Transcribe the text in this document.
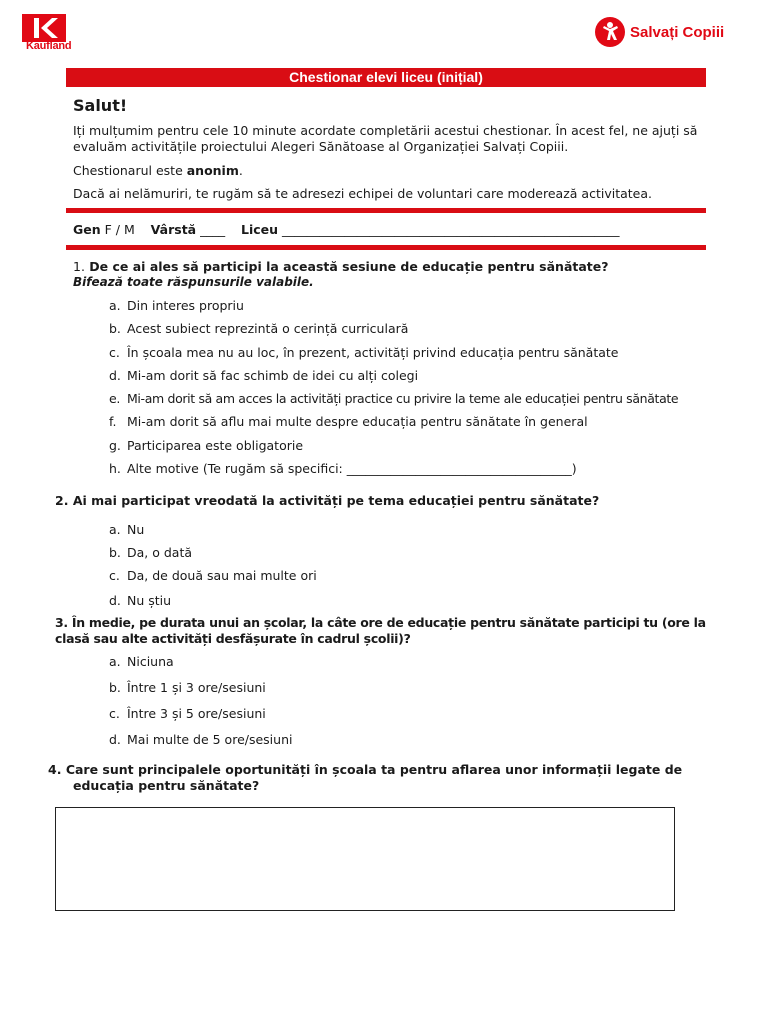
Kaufland
Salvați Copiii
Chestionar elevi liceu (inițial)
Salut!
Iți mulțumim pentru cele 10 minute acordate completării acestui chestionar. În acest fel, ne ajuți să evaluăm activitățile proiectului Alegeri Sănătoase al Organizației Salvați Copiii.
Chestionarul este anonim.
Dacă ai nelămuriri, te rugăm să te adresezi echipei de voluntari care moderează activitatea.
Gen F / M Vârstă ____ Liceu ______________________________________________________
1. De ce ai ales să participi la această sesiune de educație pentru sănătate?
Bifează toate răspunsurile valabile.
a. Din interes propriu
b. Acest subiect reprezintă o cerință curriculară
c. În școala mea nu au loc, în prezent, activități privind educația pentru sănătate
d. Mi-am dorit să fac schimb de idei cu alți colegi
e. Mi-am dorit să am acces la activități practice cu privire la teme ale educației pentru sănătate
f. Mi-am dorit să aflu mai multe despre educația pentru sănătate în general
g. Participarea este obligatorie
h. Alte motive (Te rugăm să specifici: ____________________________________)
2. Ai mai participat vreodată la activități pe tema educației pentru sănătate?
a. Nu
b. Da, o dată
c. Da, de două sau mai multe ori
d. Nu știu
3. În medie, pe durata unui an școlar, la câte ore de educație pentru sănătate participi tu (ore la
clasă sau alte activități desfășurate în cadrul școlii)?
a. Niciuna
b. Între 1 și 3 ore/sesiuni
c. Între 3 și 5 ore/sesiuni
d. Mai multe de 5 ore/sesiuni
4. Care sunt principalele oportunități în școala ta pentru aflarea unor informații legate de
educația pentru sănătate?
